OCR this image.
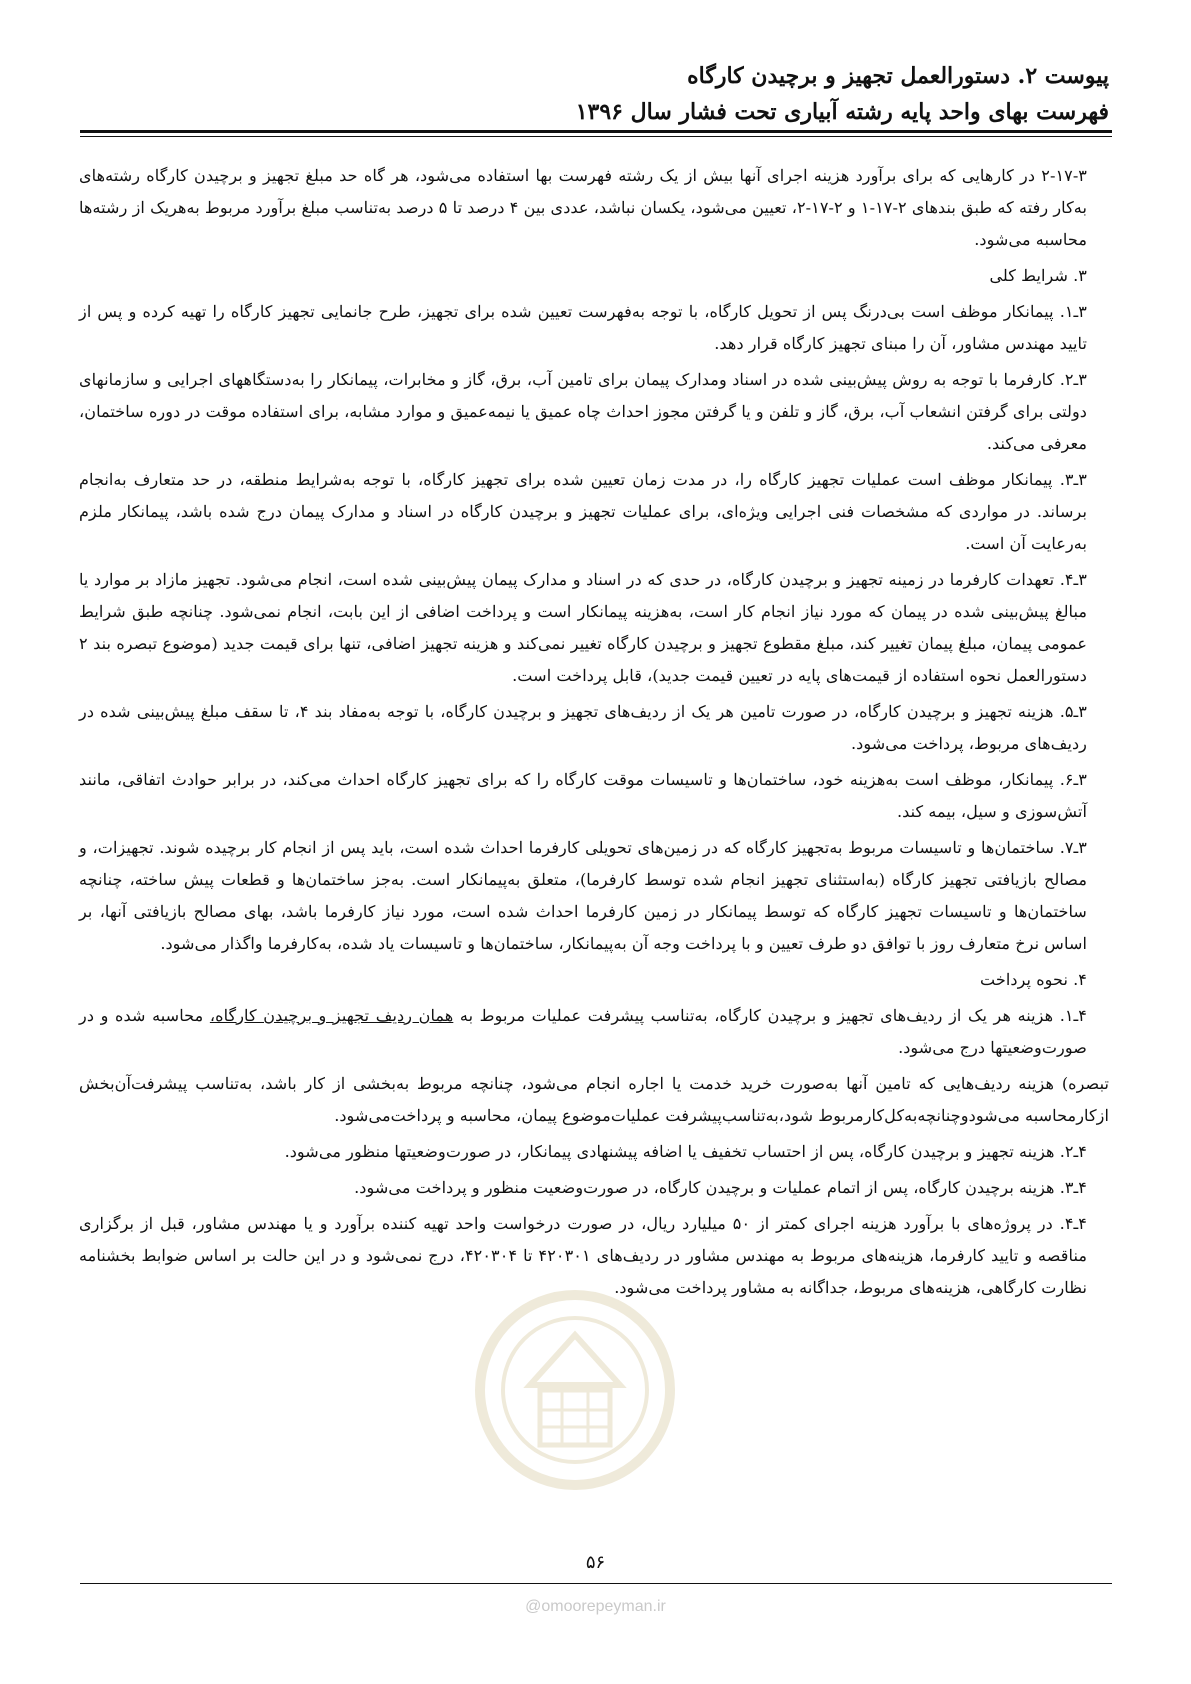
پیوست ۲. دستورالعمل تجهیز و برچیدن کارگاه
فهرست بهای واحد پایه رشته آبیاری تحت فشار سال ۱۳۹۶

۲-۱۷-۳ در کارهایی که برای برآورد هزینه اجرای آنها بیش از یک رشته فهرست بها استفاده می‌شود، هر گاه حد مبلغ تجهیز و برچیدن کارگاه رشته‌های به‌کار رفته که طبق بندهای ۲-۱۷-۱ و ۲-۱۷-۲، تعیین می‌شود، یکسان نباشد، عددی بین ۴ درصد تا ۵ درصد به‌تناسب مبلغ برآورد مربوط به‌هریک از رشته‌ها محاسبه می‌شود.

۳. شرایط کلی

۳ـ۱. پیمانکار موظف است بی‌درنگ پس از تحویل کارگاه، با توجه به‌فهرست تعیین شده برای تجهیز، طرح جانمایی تجهیز کارگاه را تهیه کرده و پس از تایید مهندس مشاور، آن را مبنای تجهیز کارگاه قرار دهد.

۳ـ۲. کارفرما با توجه به روش پیش‌بینی شده در اسناد ومدارک پیمان برای تامین آب، برق، گاز و مخابرات، پیمانکار را به‌دستگاههای اجرایی و سازمانهای دولتی برای گرفتن انشعاب آب، برق، گاز و تلفن و یا گرفتن مجوز احداث چاه عمیق یا نیمه‌عمیق و موارد مشابه، برای استفاده موقت در دوره ساختمان، معرفی می‌کند.

۳ـ۳. پیمانکار موظف است عملیات تجهیز کارگاه را، در مدت زمان تعیین شده برای تجهیز کارگاه، با توجه به‌شرایط منطقه، در حد متعارف به‌انجام برساند. در مواردی که مشخصات فنی اجرایی ویژه‌ای، برای عملیات تجهیز و برچیدن کارگاه در اسناد و مدارک پیمان درج شده باشد، پیمانکار ملزم به‌رعایت آن است.

۳ـ۴. تعهدات کارفرما در زمینه تجهیز و برچیدن کارگاه، در حدی که در اسناد و مدارک پیمان پیش‌بینی شده است، انجام می‌شود. تجهیز مازاد بر موارد یا مبالغ پیش‌بینی شده در پیمان که مورد نیاز انجام کار است، به‌هزینه پیمانکار است و پرداخت اضافی از این بابت، انجام نمی‌شود. چنانچه طبق شرایط عمومی پیمان، مبلغ پیمان تغییر کند، مبلغ مقطوع تجهیز و برچیدن کارگاه تغییر نمی‌کند و هزینه تجهیز اضافی، تنها برای قیمت جدید (موضوع تبصره بند ۲ دستورالعمل نحوه استفاده از قیمت‌های پایه در تعیین قیمت جدید)، قابل پرداخت است.

۳ـ۵. هزینه تجهیز و برچیدن کارگاه، در صورت تامین هر یک از ردیف‌های تجهیز و برچیدن کارگاه، با توجه به‌مفاد بند ۴، تا سقف مبلغ پیش‌بینی شده در ردیف‌های مربوط، پرداخت می‌شود.

۳ـ۶. پیمانکار، موظف است به‌هزینه خود، ساختمان‌ها و تاسیسات موقت کارگاه را که برای تجهیز کارگاه احداث می‌کند، در برابر حوادث اتفاقی، مانند آتش‌سوزی و سیل، بیمه کند.

۳ـ۷. ساختمان‌ها و تاسیسات مربوط به‌تجهیز کارگاه که در زمین‌های تحویلی کارفرما احداث شده است، باید پس از انجام کار برچیده شوند. تجهیزات، و مصالح بازیافتی تجهیز کارگاه (به‌استثنای تجهیز انجام شده توسط کارفرما)، متعلق به‌پیمانکار است. به‌جز ساختمان‌ها و قطعات پیش ساخته، چنانچه ساختمان‌ها و تاسیسات تجهیز کارگاه که توسط پیمانکار در زمین کارفرما احداث شده است، مورد نیاز کارفرما باشد، بهای مصالح بازیافتی آنها، بر اساس نرخ متعارف روز با توافق دو طرف تعیین و با پرداخت وجه آن به‌پیمانکار، ساختمان‌ها و تاسیسات یاد شده، به‌کارفرما واگذار می‌شود.

۴. نحوه پرداخت

۴ـ۱. هزینه هر یک از ردیف‌های تجهیز و برچیدن کارگاه، به‌تناسب پیشرفت عملیات مربوط به همان ردیف تجهیز و برچیدن کارگاه، محاسبه شده و در صورت‌وضعیتها درج می‌شود.

تبصره) هزینه ردیف‌هایی که تامین آنها به‌صورت خرید خدمت یا اجاره انجام می‌شود، چنانچه مربوط به‌بخشی از کار باشد، به‌تناسب پیشرفت‌آن‌بخش ازکارمحاسبه می‌شودوچنانچه‌به‌کل‌کارمربوط شود،به‌تناسب‌پیشرفت عملیات‌موضوع پیمان، محاسبه و پرداخت‌می‌شود.

۴ـ۲. هزینه تجهیز و برچیدن کارگاه، پس از احتساب تخفیف یا اضافه پیشنهادی پیمانکار، در صورت‌وضعیتها منظور می‌شود.

۴ـ۳. هزینه برچیدن کارگاه، پس از اتمام عملیات و برچیدن کارگاه، در صورت‌وضعیت منظور و پرداخت می‌شود.

۴ـ۴. در پروژه‌های با برآورد هزینه اجرای کمتر از ۵۰ میلیارد ریال، در صورت درخواست واحد تهیه کننده برآورد و یا مهندس مشاور، قبل از برگزاری مناقصه و تایید کارفرما، هزینه‌های مربوط به مهندس مشاور در ردیف‌های ۴۲۰۳۰۱ تا ۴۲۰۳۰۴، درج نمی‌شود و در این حالت بر اساس ضوابط بخشنامه نظارت کارگاهی، هزینه‌های مربوط، جداگانه به مشاور پرداخت می‌شود.

۵۶
@omoorepeyman.ir
